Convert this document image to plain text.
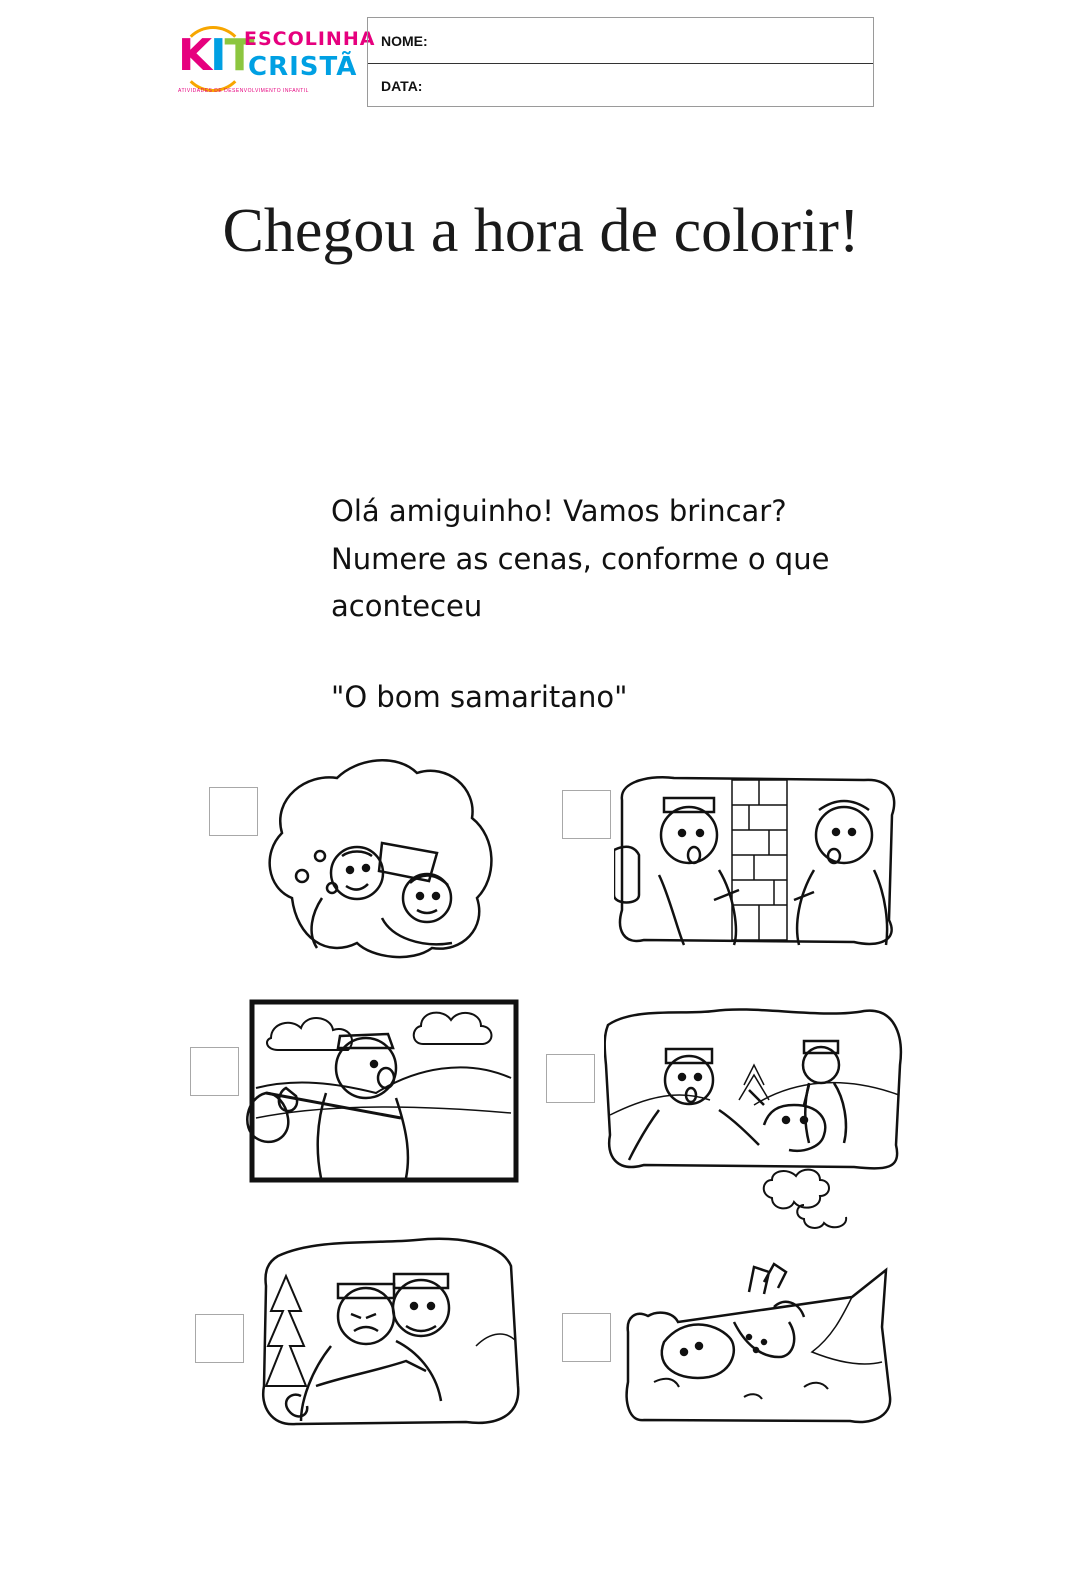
KIT
ESCOLINHA
CRISTÃ
ATIVIDADES DE DESENVOLVIMENTO INFANTIL
NOME:
DATA:
Chegou a hora de colorir!
Olá amiguinho! Vamos brincar?
Numere as cenas, conforme o que
aconteceu
"O bom samaritano"
